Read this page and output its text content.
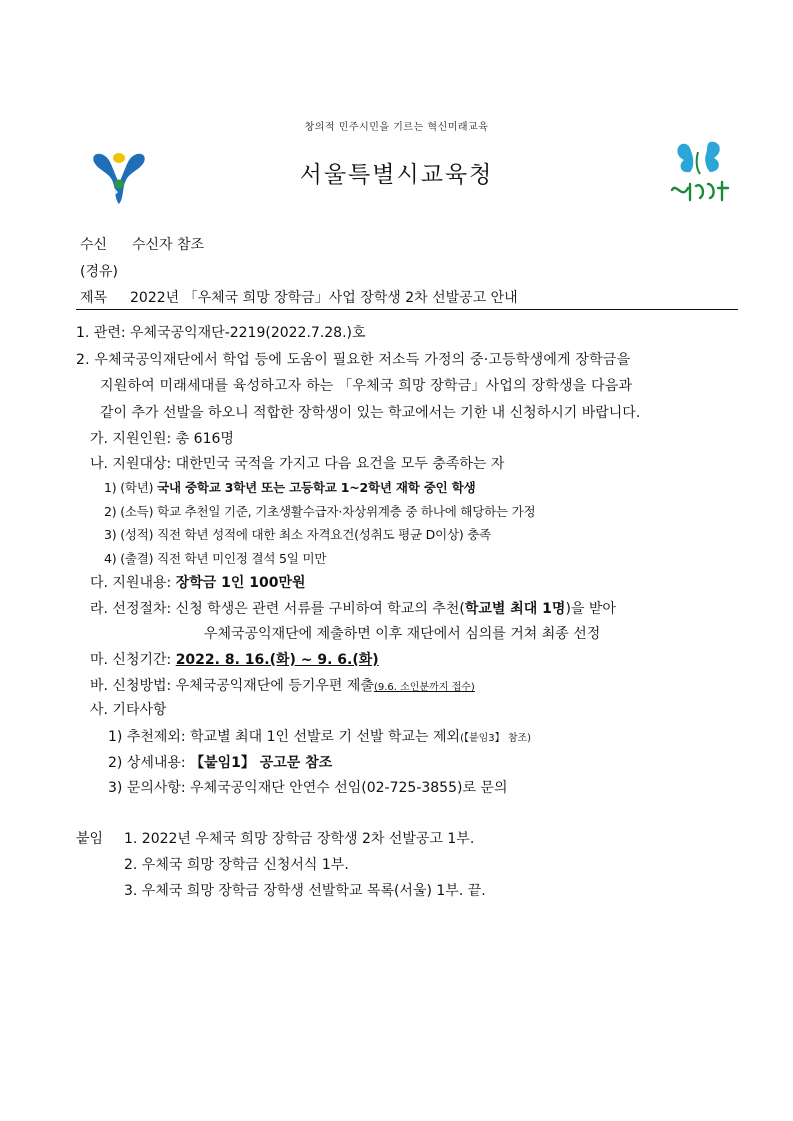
창의적 민주시민을 기르는 혁신미래교육
서울특별시교육청
수신 수신자 참조
(경유)
제목 2022년 「우체국 희망 장학금」사업 장학생 2차 선발공고 안내
1. 관련: 우체국공익재단-2219(2022.7.28.)호
2. 우체국공익재단에서 학업 등에 도움이 필요한 저소득 가정의 중·고등학생에게 장학금을
지원하여 미래세대를 육성하고자 하는 「우체국 희망 장학금」사업의 장학생을 다음과
같이 추가 선발을 하오니 적합한 장학생이 있는 학교에서는 기한 내 신청하시기 바랍니다.
가. 지원인원: 총 616명
나. 지원대상: 대한민국 국적을 가지고 다음 요건을 모두 충족하는 자
1) (학년) 국내 중학교 3학년 또는 고등학교 1~2학년 재학 중인 학생
2) (소득) 학교 추천일 기준, 기초생활수급자·차상위계층 중 하나에 해당하는 가정
3) (성적) 직전 학년 성적에 대한 최소 자격요건(성취도 평균 D이상) 충족
4) (출결) 직전 학년 미인정 결석 5일 미만
다. 지원내용: 장학금 1인 100만원
라. 선정절차: 신청 학생은 관련 서류를 구비하여 학교의 추천(학교별 최대 1명)을 받아
우체국공익재단에 제출하면 이후 재단에서 심의를 거쳐 최종 선정
마. 신청기간: 2022. 8. 16.(화) ~ 9. 6.(화)
바. 신청방법: 우체국공익재단에 등기우편 제출(9.6. 소인분까지 접수)
사. 기타사항
1) 추천제외: 학교별 최대 1인 선발로 기 선발 학교는 제외(【붙임3】 참조)
2) 상세내용: 【붙임1】 공고문 참조
3) 문의사항: 우체국공익재단 안연수 선임(02-725-3855)로 문의
붙임 1. 2022년 우체국 희망 장학금 장학생 2차 선발공고 1부.
2. 우체국 희망 장학금 신청서식 1부.
3. 우체국 희망 장학금 장학생 선발학교 목록(서울) 1부. 끝.
